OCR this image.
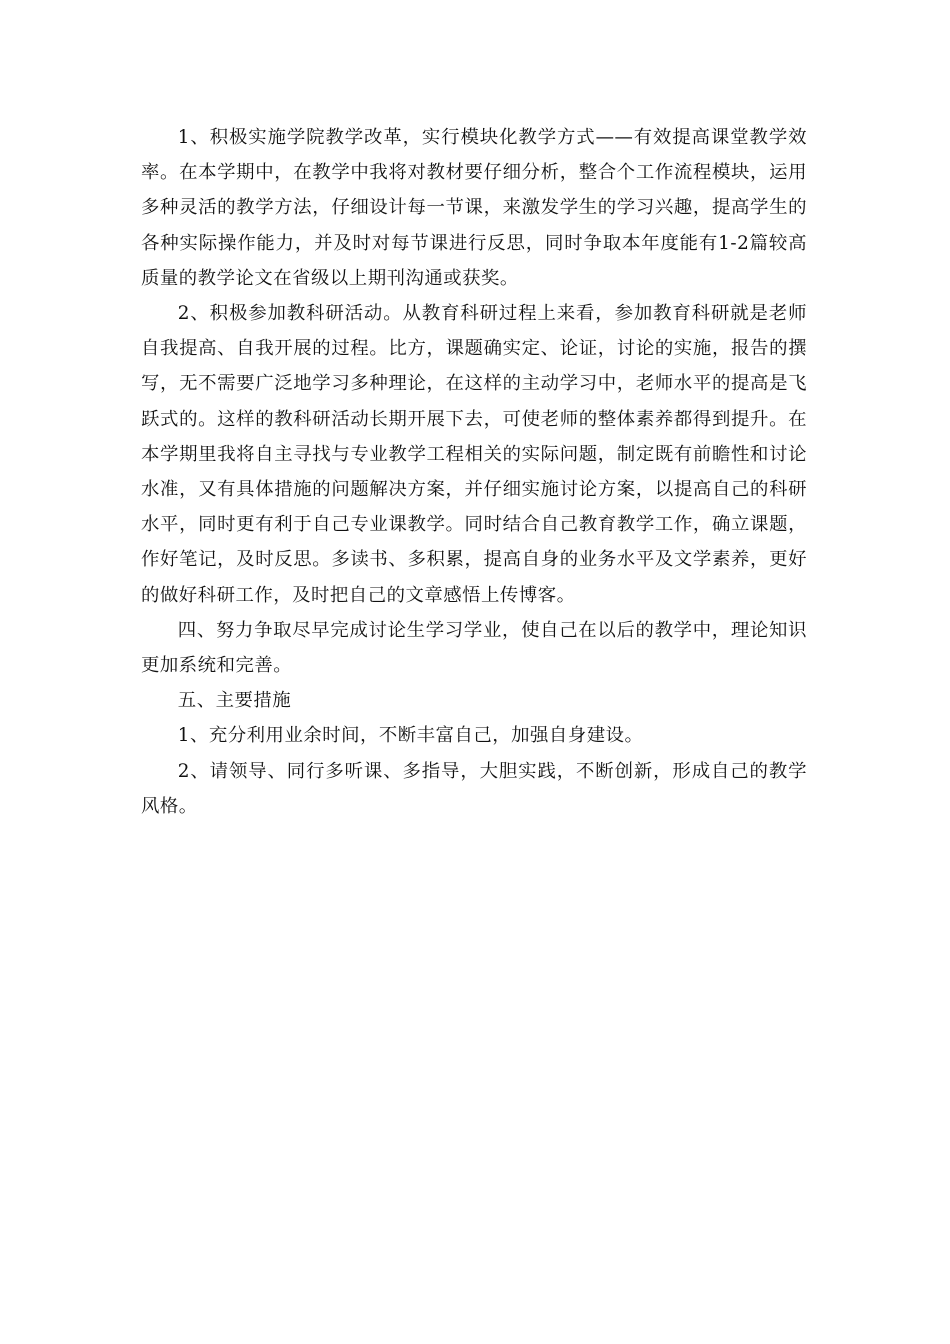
1、积极实施学院教学改革，实行模块化教学方式——有效提高课堂教学效率。在本学期中，在教学中我将对教材要仔细分析，整合个工作流程模块，运用多种灵活的教学方法，仔细设计每一节课，来激发学生的学习兴趣，提高学生的各种实际操作能力，并及时对每节课进行反思，同时争取本年度能有1-2篇较高质量的教学论文在省级以上期刊沟通或获奖。

2、积极参加教科研活动。从教育科研过程上来看，参加教育科研就是老师自我提高、自我开展的过程。比方，课题确实定、论证，讨论的实施，报告的撰写，无不需要广泛地学习多种理论，在这样的主动学习中，老师水平的提高是飞跃式的。这样的教科研活动长期开展下去，可使老师的整体素养都得到提升。在本学期里我将自主寻找与专业教学工程相关的实际问题，制定既有前瞻性和讨论水准，又有具体措施的问题解决方案，并仔细实施讨论方案，以提高自己的科研水平，同时更有利于自己专业课教学。同时结合自己教育教学工作，确立课题，作好笔记，及时反思。多读书、多积累，提高自身的业务水平及文学素养，更好的做好科研工作，及时把自己的文章感悟上传博客。

四、努力争取尽早完成讨论生学习学业，使自己在以后的教学中，理论知识更加系统和完善。

五、主要措施

1、充分利用业余时间，不断丰富自己，加强自身建设。

2、请领导、同行多听课、多指导，大胆实践，不断创新，形成自己的教学风格。
